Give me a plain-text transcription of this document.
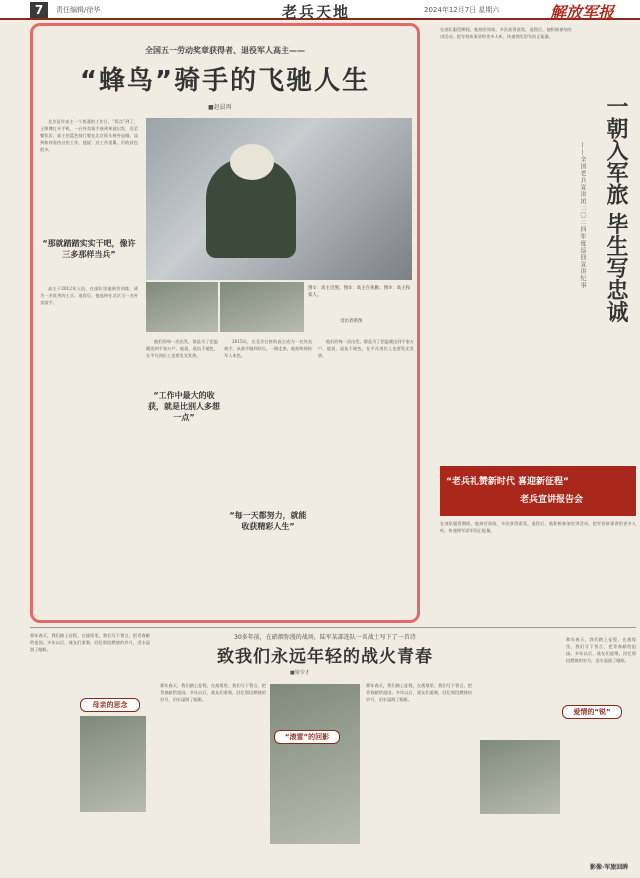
7	责任编辑/徐华	老兵天地	2024年12月7日 星期六	解放军报
全国五一劳动奖章获得者、退役军人高主——
“蜂鸟”骑手的飞驰人生
■赵晨再

北京是许高主一个普通的工作日，“饭点”到了，王师傅打开手机，一台外卖骑手接到单就出发，送至餐饮店，高主的蓝色骑行服在北京街头格外显眼。谈到如何看待这份工作，他说：这工作很累，但收获也很多。

“那就踏踏实实干吧，像许三多那样当兵”

高主于2012年入伍，在部队里他刻苦训练，成为一名优秀的士兵。退役后，他选择在北京当一名外卖骑手。

图①：高主近照。图②：高主在执勤。图③：高主和家人。
受访者供图

他们的每一次出发，都是为了把温暖送到千家万户。他说，退伍不褪色，在平凡岗位上也要发光发热。

“工作中最大的收获，就是比别人多想一点”

2015年，在北京打拼的高主成为一名外卖骑手，从骑手做到站长，一路走来，他始终保持军人本色。

“每一天都努力，就能收获精彩人生”

他们的每一次出发，都是为了把温暖送到千家万户。他说，退伍不褪色，在平凡岗位上也要发光发热。

在部队服役期间，他刻苦训练，多次获得嘉奖。退役后，他积极参加宣讲活动，把军营故事讲给更多人听，传递拥军崇军的正能量。

一朝入军旅 毕生写忠诚
——全国老兵宣讲团二〇二四年度巡回宣讲纪事
“老兵礼赞新时代 喜迎新征程”
老兵宣讲报告会

在部队服役期间，他刻苦训练，多次获得嘉奖。退役后，他积极参加宣讲活动，把军营故事讲给更多人听，传递拥军崇军的正能量。

30多年前，在硝烟弥漫的战场，陆军某部连队一名战士写下了一首诗
致我们永远年轻的战火青春
■梁令才

那年春天，我们踏上征程。在战壕里，我们写下誓言，把青春献给祖国。多年以后，战友们重聚，回忆那段燃烧的岁月，泪水湿润了眼眶。

母亲的思念

那年春天，我们踏上征程。在战壕里，我们写下誓言，把青春献给祖国。多年以后，战友们重聚，回忆那段燃烧的岁月，泪水湿润了眼眶。

“滚雷”的回影

那年春天，我们踏上征程。在战壕里，我们写下誓言，把青春献给祖国。多年以后，战友们重聚，回忆那段燃烧的岁月，泪水湿润了眼眶。

爱情的“锐”

那年春天，我们踏上征程。在战壕里，我们写下誓言，把青春献给祖国。多年以后，战友们重聚，回忆那段燃烧的岁月，泪水湿润了眼眶。

影像·军旅回眸
